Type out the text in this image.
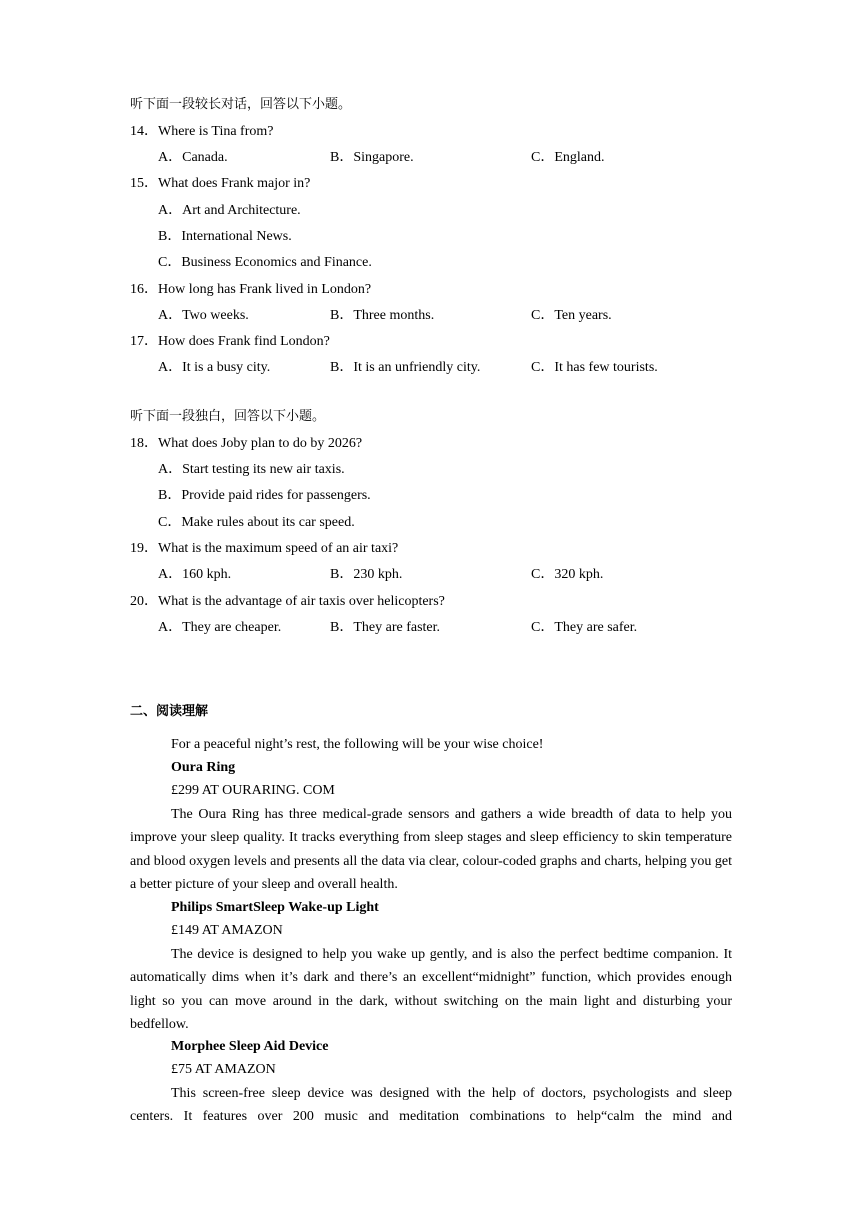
听下面一段较长对话，回答以下小题。
14．Where is Tina from?
A．Canada.	B．Singapore.	C．England.
15．What does Frank major in?
A．Art and Architecture.
B．International News.
C．Business Economics and Finance.
16．How long has Frank lived in London?
A．Two weeks.	B．Three months.	C．Ten years.
17．How does Frank find London?
A．It is a busy city.	B．It is an unfriendly city.	C．It has few tourists.
听下面一段独白，回答以下小题。
18．What does Joby plan to do by 2026?
A．Start testing its new air taxis.
B．Provide paid rides for passengers.
C．Make rules about its car speed.
19．What is the maximum speed of an air taxi?
A．160 kph.	B．230 kph.	C．320 kph.
20．What is the advantage of air taxis over helicopters?
A．They are cheaper.	B．They are faster.	C．They are safer.
二、阅读理解
For a peaceful night’s rest, the following will be your wise choice!
Oura Ring
£299 AT OURARING. COM
The Oura Ring has three medical-grade sensors and gathers a wide breadth of data to help you improve your sleep quality. It tracks everything from sleep stages and sleep efficiency to skin temperature and blood oxygen levels and presents all the data via clear, colour-coded graphs and charts, helping you get a better picture of your sleep and overall health.
Philips SmartSleep Wake-up Light
£149 AT AMAZON
The device is designed to help you wake up gently, and is also the perfect bedtime companion. It automatically dims when it’s dark and there’s an excellent“midnight” function, which provides enough light so you can move around in the dark, without switching on the main light and disturbing your bedfellow.
Morphee Sleep Aid Device
£75 AT AMAZON
This screen-free sleep device was designed with the help of doctors, psychologists and sleep centers. It features over 200 music and meditation combinations to help“calm the mind and
